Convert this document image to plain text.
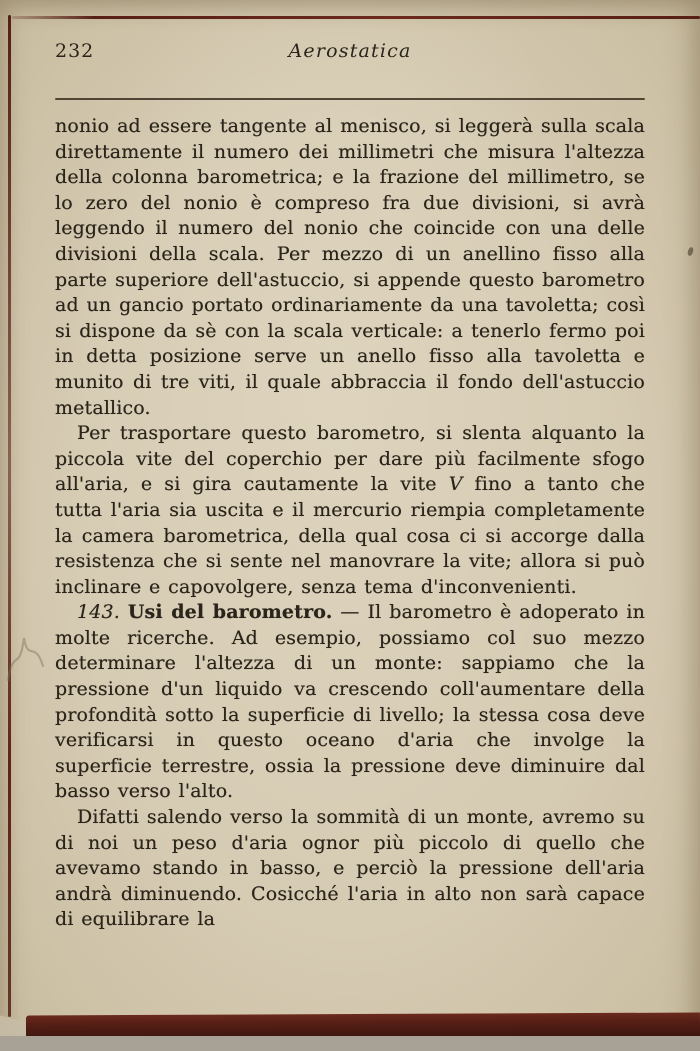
232	Aerostatica

nonio ad essere tangente al menisco, si leggerà sulla scala direttamente il numero dei millimetri che misura l'altezza della colonna barometrica; e la frazione del millimetro, se lo zero del nonio è compreso fra due divisioni, si avrà leggendo il numero del nonio che coincide con una delle divisioni della scala. Per mezzo di un anellino fisso alla parte superiore dell'astuccio, si appende questo barometro ad un gancio portato ordinariamente da una tavoletta; così si dispone da sè con la scala verticale: a tenerlo fermo poi in detta posizione serve un anello fisso alla tavoletta e munito di tre viti, il quale abbraccia il fondo dell'astuccio metallico.

Per trasportare questo barometro, si slenta alquanto la piccola vite del coperchio per dare più facilmente sfogo all'aria, e si gira cautamente la vite V fino a tanto che tutta l'aria sia uscita e il mercurio riempia completamente la camera barometrica, della qual cosa ci si accorge dalla resistenza che si sente nel manovrare la vite; allora si può inclinare e capovolgere, senza tema d'inconvenienti.

143. Usi del barometro. — Il barometro è adoperato in molte ricerche. Ad esempio, possiamo col suo mezzo determinare l'altezza di un monte: sappiamo che la pressione d'un liquido va crescendo coll'aumentare della profondità sotto la superficie di livello; la stessa cosa deve verificarsi in questo oceano d'aria che involge la superficie terrestre, ossia la pressione deve diminuire dal basso verso l'alto.

Difatti salendo verso la sommità di un monte, avremo su di noi un peso d'aria ognor più piccolo di quello che avevamo stando in basso, e perciò la pressione dell'aria andrà diminuendo. Cosicché l'aria in alto non sarà capace di equilibrare la
